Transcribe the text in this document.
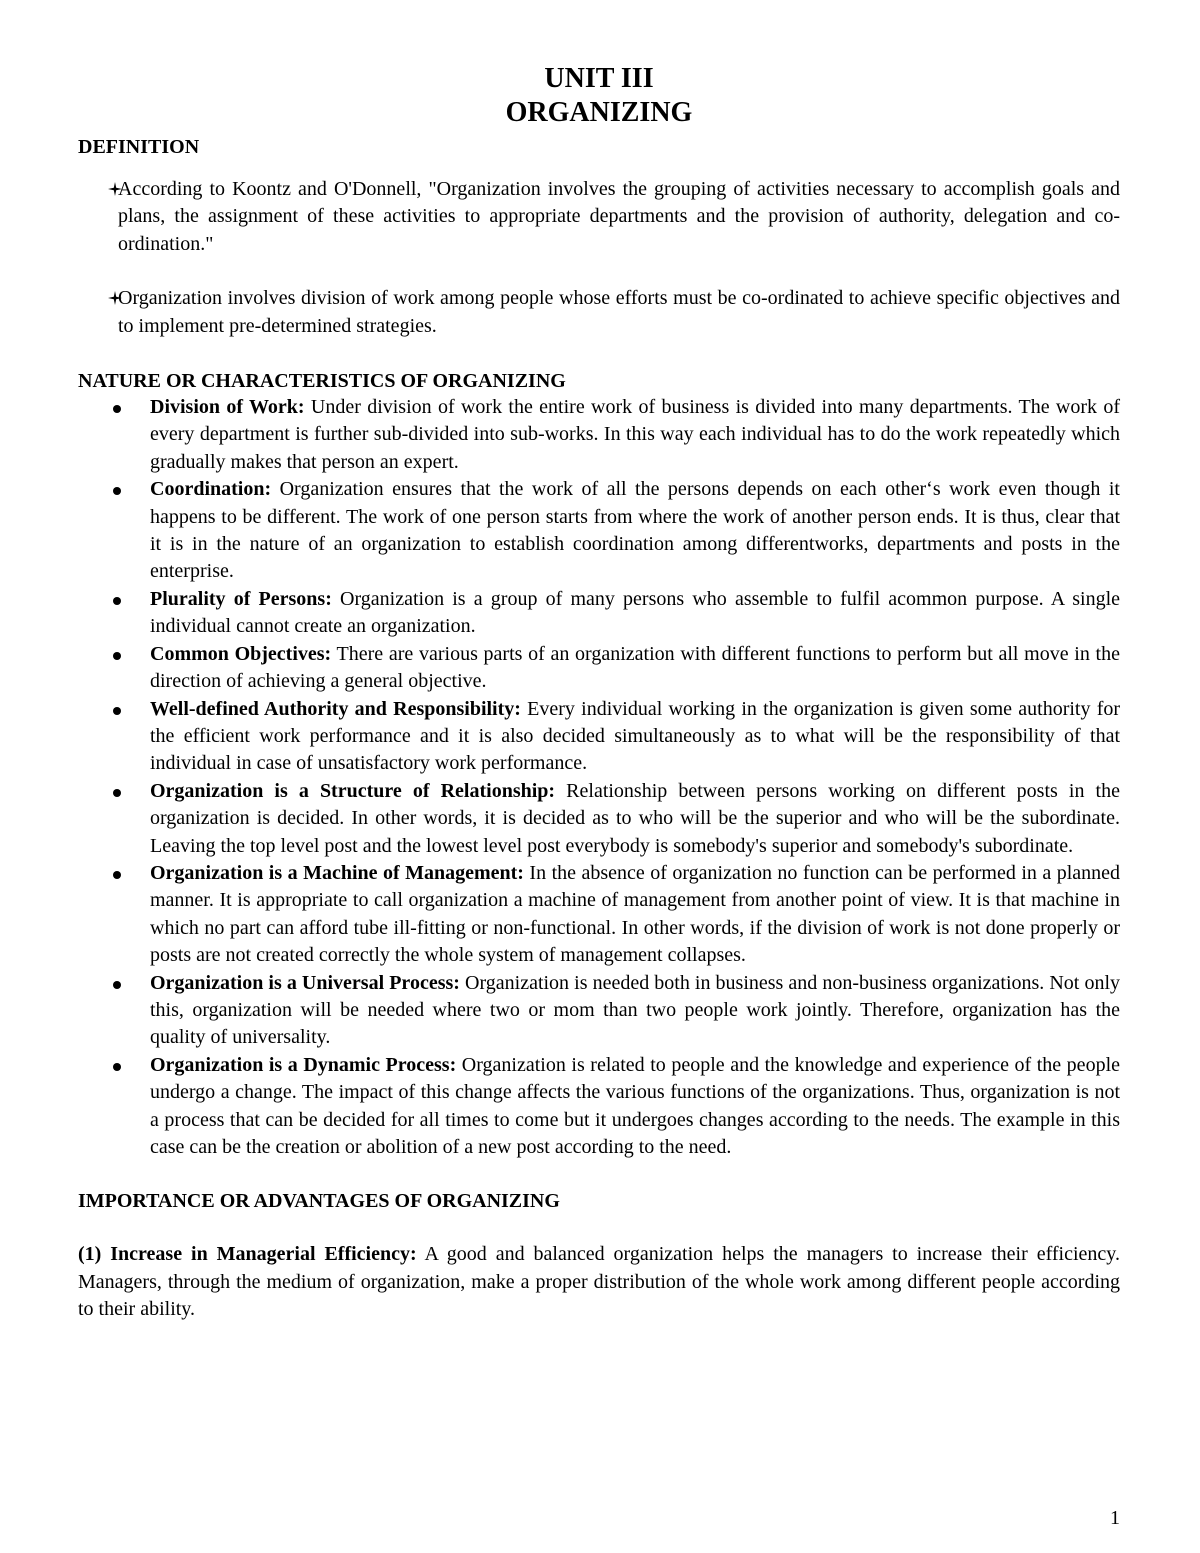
UNIT III
ORGANIZING
DEFINITION

According to Koontz and O'Donnell, "Organization involves the grouping of activities necessary to accomplish goals and plans, the assignment of these activities to appropriate departments and the provision of authority, delegation and co-ordination."

Organization involves division of work among people whose efforts must be co-ordinated to achieve specific objectives and to implement pre-determined strategies.

NATURE OR CHARACTERISTICS OF ORGANIZING

Division of Work: Under division of work the entire work of business is divided into many departments. The work of every department is further sub-divided into sub-works. In this way each individual has to do the work repeatedly which gradually makes that person an expert.

Coordination: Organization ensures that the work of all the persons depends on each other‘s work even though it happens to be different. The work of one person starts from where the work of another person ends. It is thus, clear that it is in the nature of an organization to establish coordination among differentworks, departments and posts in the enterprise.

Plurality of Persons: Organization is a group of many persons who assemble to fulfil acommon purpose. A single individual cannot create an organization.

Common Objectives: There are various parts of an organization with different functions to perform but all move in the direction of achieving a general objective.

Well-defined Authority and Responsibility: Every individual working in the organization is given some authority for the efficient work performance and it is also decided simultaneously as to what will be the responsibility of that individual in case of unsatisfactory work performance.

Organization is a Structure of Relationship: Relationship between persons working on different posts in the organization is decided. In other words, it is decided as to who will be the superior and who will be the subordinate. Leaving the top level post and the lowest level post everybody is somebody's superior and somebody's subordinate.

Organization is a Machine of Management: In the absence of organization no function can be performed in a planned manner. It is appropriate to call organization a machine of management from another point of view. It is that machine in which no part can afford tube ill-fitting or non-functional. In other words, if the division of work is not done properly or posts are not created correctly the whole system of management collapses.

Organization is a Universal Process: Organization is needed both in business and non-business organizations. Not only this, organization will be needed where two or mom than two people work jointly. Therefore, organization has the quality of universality.

Organization is a Dynamic Process: Organization is related to people and the knowledge and experience of the people undergo a change. The impact of this change affects the various functions of the organizations. Thus, organization is not a process that can be decided for all times to come but it undergoes changes according to the needs. The example in this case can be the creation or abolition of a new post according to the need.

IMPORTANCE OR ADVANTAGES OF ORGANIZING

(1) Increase in Managerial Efficiency: A good and balanced organization helps the managers to increase their efficiency. Managers, through the medium of organization, make a proper distribution of the whole work among different people according to their ability.

1
